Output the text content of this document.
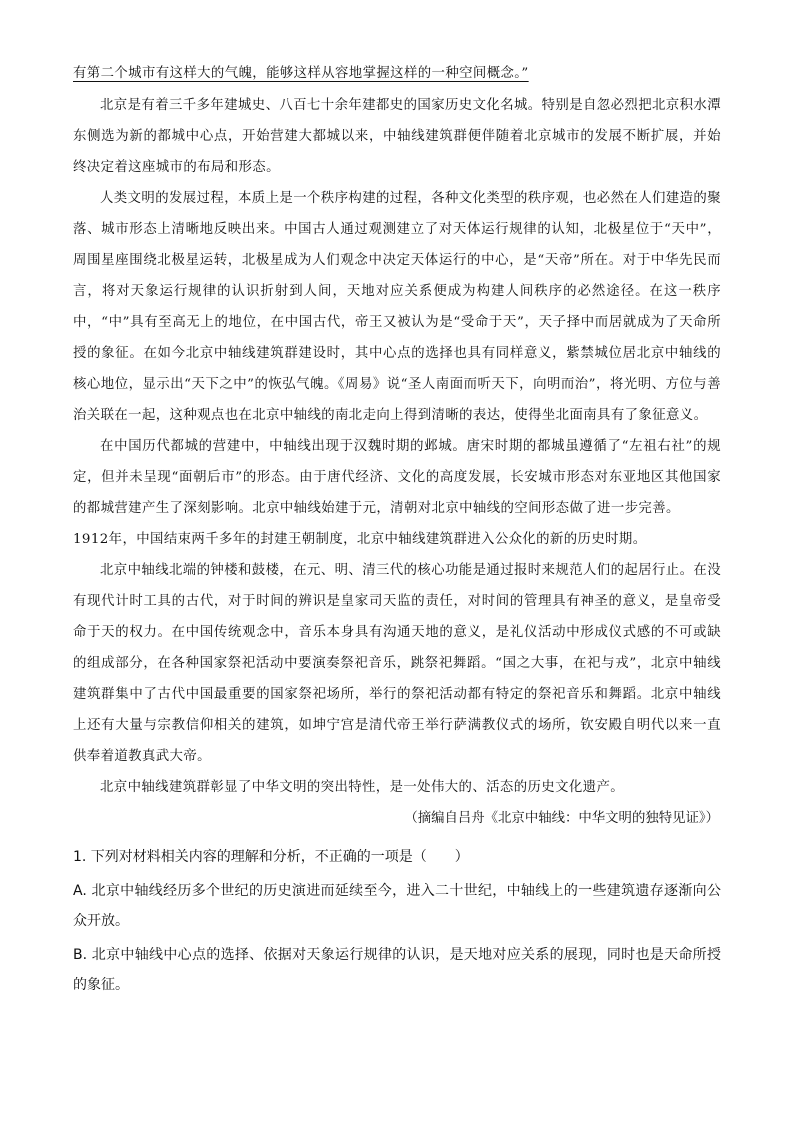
有第二个城市有这样大的气魄，能够这样从容地掌握这样的一种空间概念。”

北京是有着三千多年建城史、八百七十余年建都史的国家历史文化名城。特别是自忽必烈把北京积水潭东侧选为新的都城中心点，开始营建大都城以来，中轴线建筑群便伴随着北京城市的发展不断扩展，并始终决定着这座城市的布局和形态。

人类文明的发展过程，本质上是一个秩序构建的过程，各种文化类型的秩序观，也必然在人们建造的聚落、城市形态上清晰地反映出来。中国古人通过观测建立了对天体运行规律的认知，北极星位于“天中”，周围星座围绕北极星运转，北极星成为人们观念中决定天体运行的中心，是“天帝”所在。对于中华先民而言，将对天象运行规律的认识折射到人间，天地对应关系便成为构建人间秩序的必然途径。在这一秩序中，“中”具有至高无上的地位，在中国古代，帝王又被认为是“受命于天”，天子择中而居就成为了天命所授的象征。在如今北京中轴线建筑群建设时，其中心点的选择也具有同样意义，紫禁城位居北京中轴线的核心地位，显示出“天下之中”的恢弘气魄。《周易》说“圣人南面而听天下，向明而治”，将光明、方位与善治关联在一起，这种观点也在北京中轴线的南北走向上得到清晰的表达，使得坐北面南具有了象征意义。

在中国历代都城的营建中，中轴线出现于汉魏时期的邺城。唐宋时期的都城虽遵循了“左祖右社”的规定，但并未呈现“面朝后市”的形态。由于唐代经济、文化的高度发展，长安城市形态对东亚地区其他国家的都城营建产生了深刻影响。北京中轴线始建于元，清朝对北京中轴线的空间形态做了进一步完善。

1912年，中国结束两千多年的封建王朝制度，北京中轴线建筑群进入公众化的新的历史时期。

北京中轴线北端的钟楼和鼓楼，在元、明、清三代的核心功能是通过报时来规范人们的起居行止。在没有现代计时工具的古代，对于时间的辨识是皇家司天监的责任，对时间的管理具有神圣的意义，是皇帝受命于天的权力。在中国传统观念中，音乐本身具有沟通天地的意义，是礼仪活动中形成仪式感的不可或缺的组成部分，在各种国家祭祀活动中要演奏祭祀音乐，跳祭祀舞蹈。“国之大事，在祀与戎”，北京中轴线建筑群集中了古代中国最重要的国家祭祀场所，举行的祭祀活动都有特定的祭祀音乐和舞蹈。北京中轴线上还有大量与宗教信仰相关的建筑，如坤宁宫是清代帝王举行萨满教仪式的场所，钦安殿自明代以来一直供奉着道教真武大帝。

北京中轴线建筑群彰显了中华文明的突出特性，是一处伟大的、活态的历史文化遗产。

（摘编自吕舟《北京中轴线：中华文明的独特见证》）

1. 下列对材料相关内容的理解和分析，不正确的一项是（　　）

A. 北京中轴线经历多个世纪的历史演进而延续至今，进入二十世纪，中轴线上的一些建筑遗存逐渐向公众开放。

B. 北京中轴线中心点的选择、依据对天象运行规律的认识，是天地对应关系的展现，同时也是天命所授的象征。
